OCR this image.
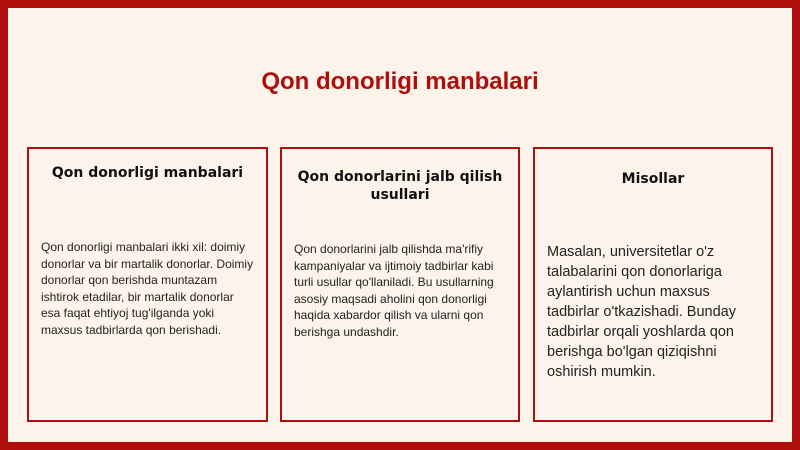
Qon donorligi manbalari
Qon donorligi manbalari
Qon donorligi manbalari ikki xil: doimiy donorlar va bir martalik donorlar. Doimiy donorlar qon berishda muntazam ishtirok etadilar, bir martalik donorlar esa faqat ehtiyoj tug'ilganda yoki maxsus tadbirlarda qon berishadi.
Qon donorlarini jalb qilish usullari
Qon donorlarini jalb qilishda ma'rifiy kampaniyalar va ijtimoiy tadbirlar kabi turli usullar qo'llaniladi. Bu usullarning asosiy maqsadi aholini qon donorligi haqida xabardor qilish va ularni qon berishga undashdir.
Misollar
Masalan, universitetlar o'z talabalarini qon donorlariga aylantirish uchun maxsus tadbirlar o'tkazishadi. Bunday tadbirlar orqali yoshlarda qon berishga bo'lgan qiziqishni oshirish mumkin.
